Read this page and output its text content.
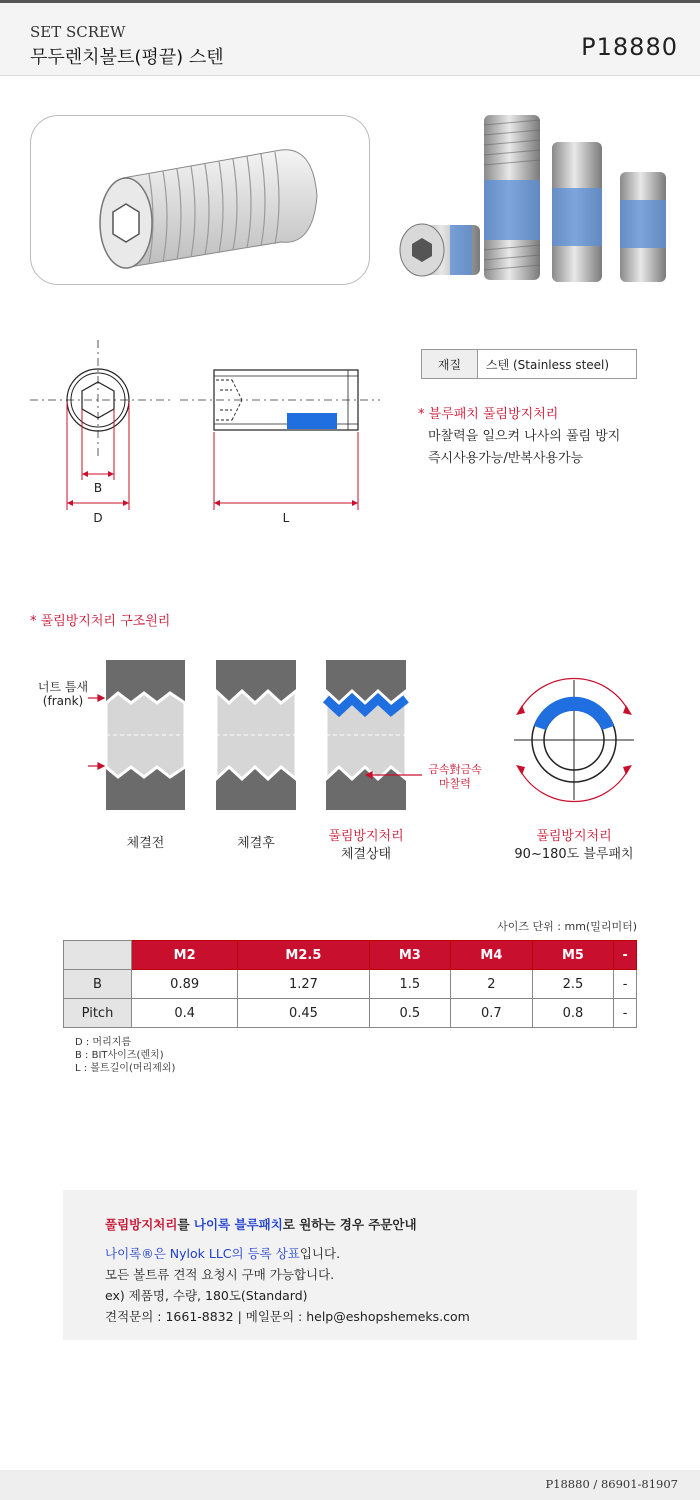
SET SCREW
무두렌치볼트(평끝) 스텐	P18880
B
D	L
재질	스텐 (Stainless steel)
* 블루패치 풀림방지처리
마찰력을 일으켜 나사의 풀림 방지
즉시사용가능/반복사용가능
* 풀림방지처리 구조원리
너트 틈새
(frank)
금속對금속
마찰력
체결전	체결후	풀림방지처리
체결상태
풀림방지처리
90~180도 블루패치
사이즈 단위 : mm(밀리미터)
	M2	M2.5	M3	M4	M5	-
B	0.89	1.27	1.5	2	2.5	-
Pitch	0.4	0.45	0.5	0.7	0.8	-
D : 머리지름
B : BIT사이즈(렌치)
L : 볼트길이(머리제외)
풀림방지처리를 나이록 블루패치로 원하는 경우 주문안내
나이록®은 Nylok LLC의 등록 상표입니다.
모든 볼트류 견적 요청시 구매 가능합니다.
ex) 제품명, 수량, 180도(Standard)
견적문의 : 1661-8832 | 메일문의 : help@eshopshemeks.com
P18880 / 86901-81907
